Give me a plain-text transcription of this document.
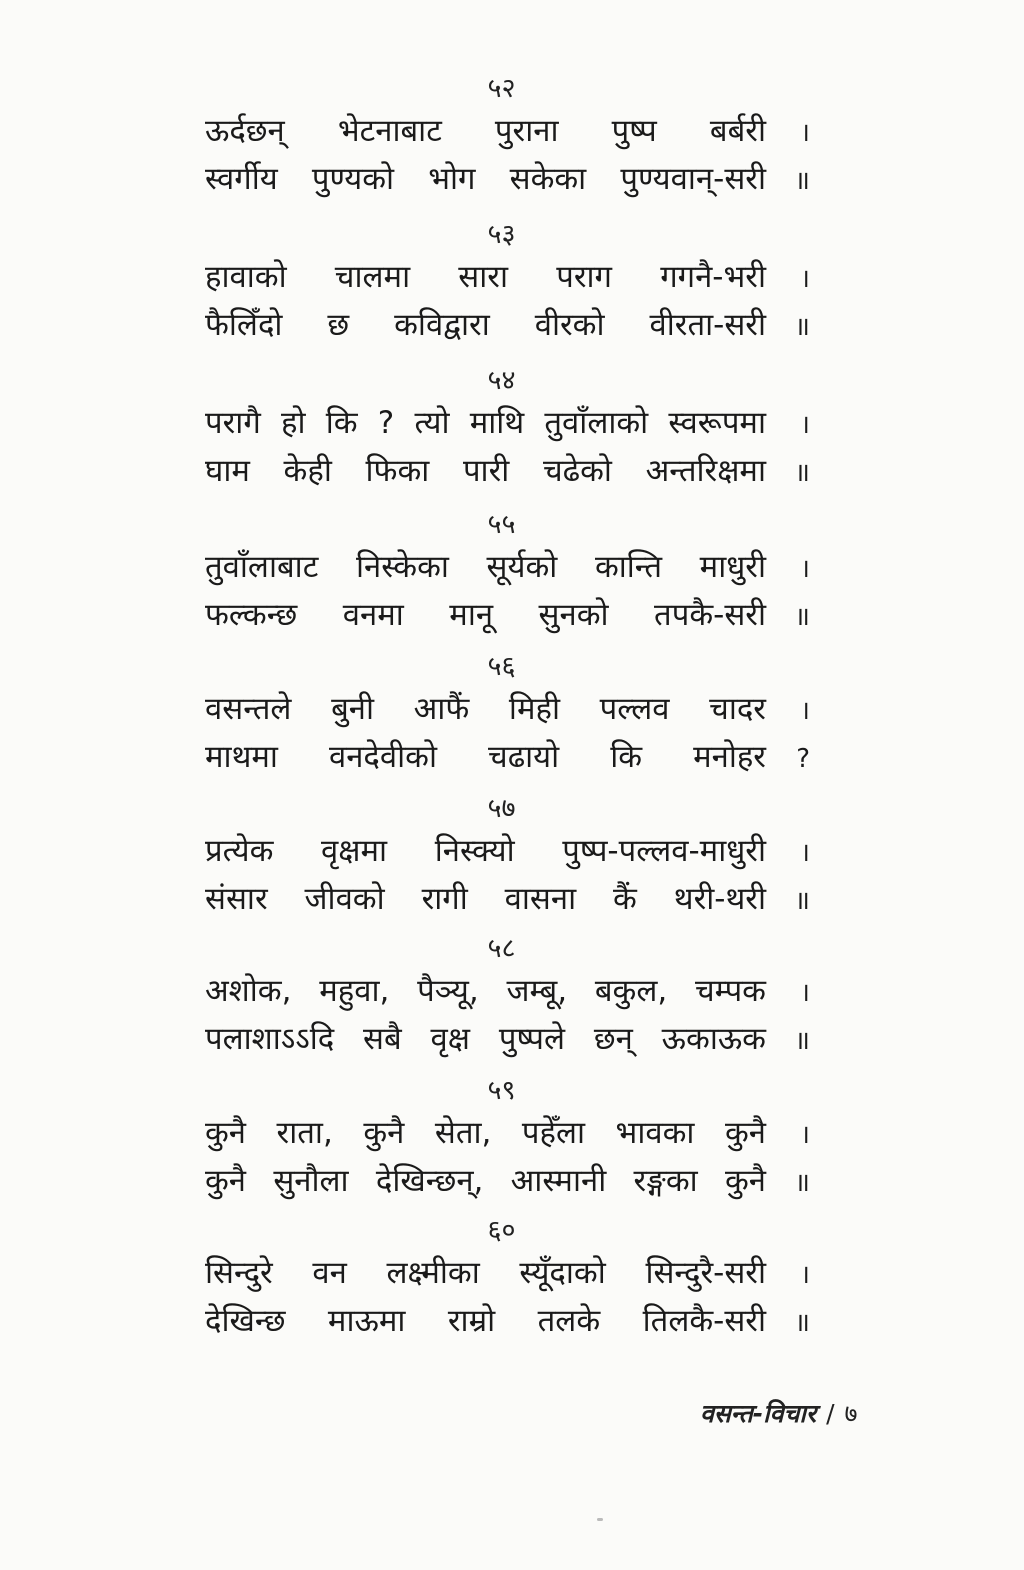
५२
ऊर्दछन् भेटनाबाट पुराना पुष्प बर्बरी	।
स्वर्गीय पुण्यको भोग सकेका पुण्यवान्-सरी	॥
५३
हावाको चालमा सारा पराग गगनै-भरी	।
फैलिँदो छ कविद्वारा वीरको वीरता-सरी	॥
५४
परागै हो कि ? त्यो माथि तुवाँलाको स्वरूपमा	।
घाम केही फिका पारी चढेको अन्तरिक्षमा	॥
५५
तुवाँलाबाट निस्केका सूर्यको कान्ति माधुरी	।
फल्कन्छ वनमा मानू सुनको तपकै-सरी	॥
५६
वसन्तले बुनी आफैं मिही पल्लव चादर	।
माथमा वनदेवीको चढायो कि मनोहर	?
५७
प्रत्येक वृक्षमा निस्क्यो पुष्प-पल्लव-माधुरी	।
संसार जीवको रागी वासना कैं थरी-थरी	॥
५८
अशोक, महुवा, पैञ्यू, जम्बू, बकुल, चम्पक	।
पलाशाऽऽदि सबै वृक्ष पुष्पले छन् ऊकाऊक	॥
५९
कुनै राता, कुनै सेता, पहेँला भावका कुनै	।
कुनै सुनौला देखिन्छन्, आस्मानी रङ्गका कुनै	॥
६०
सिन्दुरे वन लक्ष्मीका स्यूँदाको सिन्दुरै-सरी	।
देखिन्छ माऊमा राम्रो तलके तिलकै-सरी	॥
वसन्त-विचार / ७
